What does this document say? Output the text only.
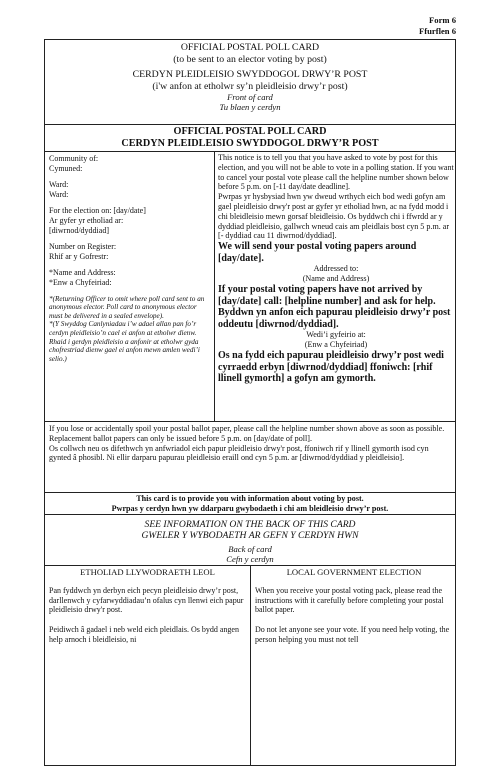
Form 6
Ffurflen 6
OFFICIAL POSTAL POLL CARD
(to be sent to an elector voting by post)
CERDYN PLEIDLEISIO SWYDDOGOL DRWY’R POST
(i'w anfon at etholwr sy’n pleidleisio drwy’r post)
Front of card
Tu blaen y cerdyn
OFFICIAL POSTAL POLL CARD
CERDYN PLEIDLEISIO SWYDDOGOL DRWY’R POST
Community of:
Cymuned:
Ward:
Ward:
For the election on: [day/date]
Ar gyfer yr etholiad ar:
[diwrnod/dyddiad]
Number on Register:
Rhif ar y Gofrestr:
*Name and Address:
*Enw a Chyfeiriad:
*(Returning Officer to omit where poll card sent to an anonymous elector. Poll card to anonymous elector must be delivered in a sealed envelope).
*(Y Swyddog Canlyniadau i’w adael allan pan fo’r cerdyn pleidleisio’n cael ei anfon at etholwr dienw. Rhaid i gerdyn pleidleisio a anfonir at etholwr gyda chofrestriad dienw gael ei anfon mewn amlen wedi’i selio.)

This notice is to tell you that you have asked to vote by post for this election, and you will not be able to vote in a polling station. If you want to cancel your postal vote please call the helpline number shown below before 5 p.m. on [-11 day/date deadline].

Pwrpas yr hysbysiad hwn yw dweud wrthych eich bod wedi gofyn am gael pleidleisio drwy'r post ar gyfer yr etholiad hwn, ac na fydd modd i chi bleidleisio mewn gorsaf bleidleisio. Os byddwch chi i ffwrdd ar y dyddiad pleidleisio, gallwch wneud cais am pleidlais bost cyn 5 p.m. ar [- dyddiad cau 11 diwrnod/dyddiad].

We will send your postal voting papers around [day/date].

Addressed to:
(Name and Address)

If your postal voting papers have not arrived by [day/date] call: [helpline number] and ask for help.

Byddwn yn anfon eich papurau pleidleisio drwy’r post oddeutu [diwrnod/dyddiad].

Wedi’i gyfeirio at:
(Enw a Chyfeiriad)

Os na fydd eich papurau pleidleisio drwy’r post wedi cyrraedd erbyn [diwrnod/dyddiad] ffoniwch: [rhif llinell gymorth] a gofyn am gymorth.

If you lose or accidentally spoil your postal ballot paper, please call the helpline number shown above as soon as possible. Replacement ballot papers can only be issued before 5 p.m. on [day/date of poll].

Os collwch neu os difethwch yn anfwriadol eich papur pleidleisio drwy'r post, ffoniwch rif y llinell gymorth isod cyn gynted â phosibl. Ni ellir darparu papurau pleidleisio eraill ond cyn 5 p.m. ar [diwrnod/dyddiad y pleidleisio].

This card is to provide you with information about voting by post.
Pwrpas y cerdyn hwn yw ddarparu gwybodaeth i chi am bleidleisio drwy’r post.
SEE INFORMATION ON THE BACK OF THIS CARD
GWELER Y WYBODAETH AR GEFN Y CERDYN HWN
Back of card
Cefn y cerdyn
ETHOLIAD LLYWODRAETH LEOL

Pan fyddwch yn derbyn eich pecyn pleidleisio drwy’r post, darllenwch y cyfarwyddiadau’n ofalus cyn llenwi eich papur pleidleisio drwy'r post.

Peidiwch â gadael i neb weld eich pleidlais. Os bydd angen help arnoch i bleidleisio, ni

LOCAL GOVERNMENT ELECTION

When you receive your postal voting pack, please read the instructions with it carefully before completing your postal ballot paper.

Do not let anyone see your vote. If you need help voting, the person helping you must not tell
